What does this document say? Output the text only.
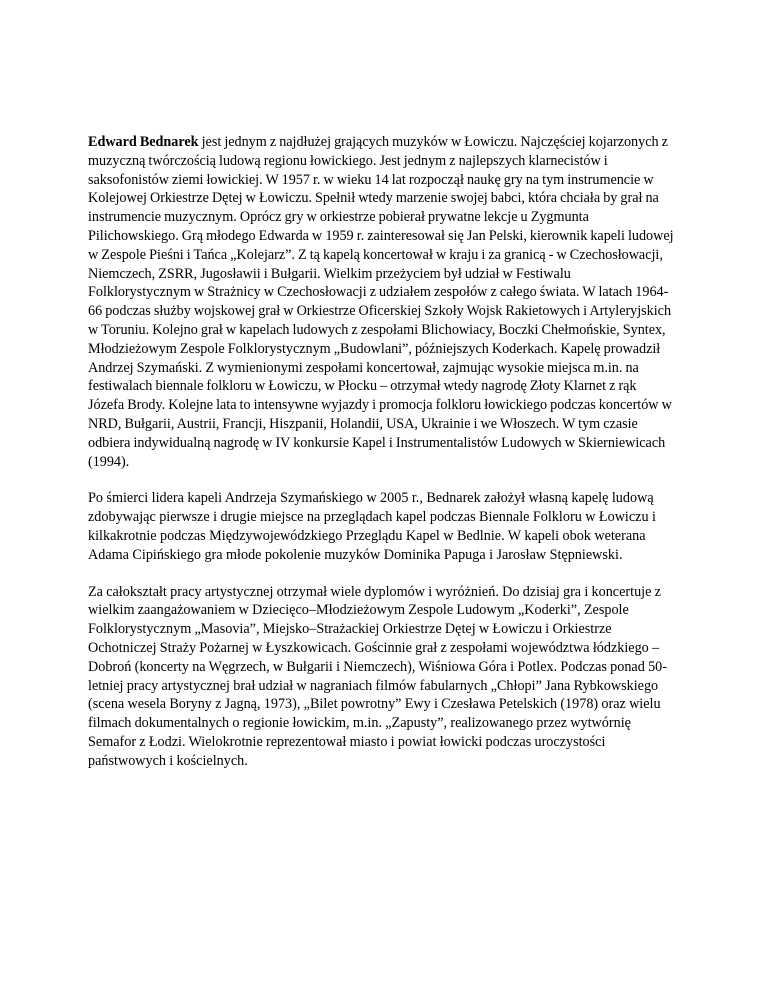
Edward Bednarek jest jednym z najdłużej grających muzyków w Łowiczu. Najczęściej kojarzonych z muzyczną twórczością ludową regionu łowickiego. Jest jednym z najlepszych klarnecistów i saksofonistów ziemi łowickiej. W 1957 r. w wieku 14 lat rozpoczął naukę gry na tym instrumencie w Kolejowej Orkiestrze Dętej w Łowiczu. Spełnił wtedy marzenie swojej babci, która chciała by grał na instrumencie muzycznym. Oprócz gry w orkiestrze pobierał prywatne lekcje u Zygmunta Pilichowskiego. Grą młodego Edwarda w 1959 r. zainteresował się Jan Pelski, kierownik kapeli ludowej w Zespole Pieśni i Tańca „Kolejarz”. Z tą kapelą koncertował w kraju i za granicą - w Czechosłowacji, Niemczech, ZSRR, Jugosławii i Bułgarii. Wielkim przeżyciem był udział w Festiwalu Folklorystycznym w Strażnicy w Czechosłowacji z udziałem zespołów z całego świata. W latach 1964-66 podczas służby wojskowej grał w Orkiestrze Oficerskiej Szkoły Wojsk Rakietowych i Artyleryjskich w Toruniu. Kolejno grał w kapelach ludowych z zespołami Blichowiacy, Boczki Chełmońskie, Syntex, Młodzieżowym Zespole Folklorystycznym „Budowlani”, późniejszych Koderkach. Kapelę prowadził Andrzej Szymański. Z wymienionymi zespołami koncertował, zajmując wysokie miejsca m.in. na festiwalach biennale folkloru w Łowiczu, w Płocku – otrzymał wtedy nagrodę Złoty Klarnet z rąk Józefa Brody. Kolejne lata to intensywne wyjazdy i promocja folkloru łowickiego podczas koncertów w NRD, Bułgarii, Austrii, Francji, Hiszpanii, Holandii, USA, Ukrainie i we Włoszech. W tym czasie odbiera indywidualną nagrodę w IV konkursie Kapel i Instrumentalistów Ludowych w Skierniewicach (1994).

Po śmierci lidera kapeli Andrzeja Szymańskiego w 2005 r., Bednarek założył własną kapelę ludową zdobywając pierwsze i drugie miejsce na przeglądach kapel podczas Biennale Folkloru w Łowiczu i kilkakrotnie podczas Międzywojewódzkiego Przeglądu Kapel w Bedlnie. W kapeli obok weterana Adama Cipińskiego gra młode pokolenie muzyków Dominika Papuga i Jarosław Stępniewski.

Za całokształt pracy artystycznej otrzymał wiele dyplomów i wyróżnień. Do dzisiaj gra i koncertuje z wielkim zaangażowaniem w Dziecięco–Młodzieżowym Zespole Ludowym „Koderki”, Zespole Folklorystycznym „Masovia”, Miejsko–Strażackiej Orkiestrze Dętej w Łowiczu i Orkiestrze Ochotniczej Straży Pożarnej w Łyszkowicach. Gościnnie grał z zespołami województwa łódzkiego – Dobroń (koncerty na Węgrzech, w Bułgarii i Niemczech), Wiśniowa Góra i Potlex. Podczas ponad 50-letniej pracy artystycznej brał udział w nagraniach filmów fabularnych „Chłopi” Jana Rybkowskiego (scena wesela Boryny z Jagną, 1973), „Bilet powrotny” Ewy i Czesława Petelskich (1978) oraz wielu filmach dokumentalnych o regionie łowickim, m.in. „Zapusty”, realizowanego przez wytwórnię Semafor z Łodzi. Wielokrotnie reprezentował miasto i powiat łowicki podczas uroczystości państwowych i kościelnych.
